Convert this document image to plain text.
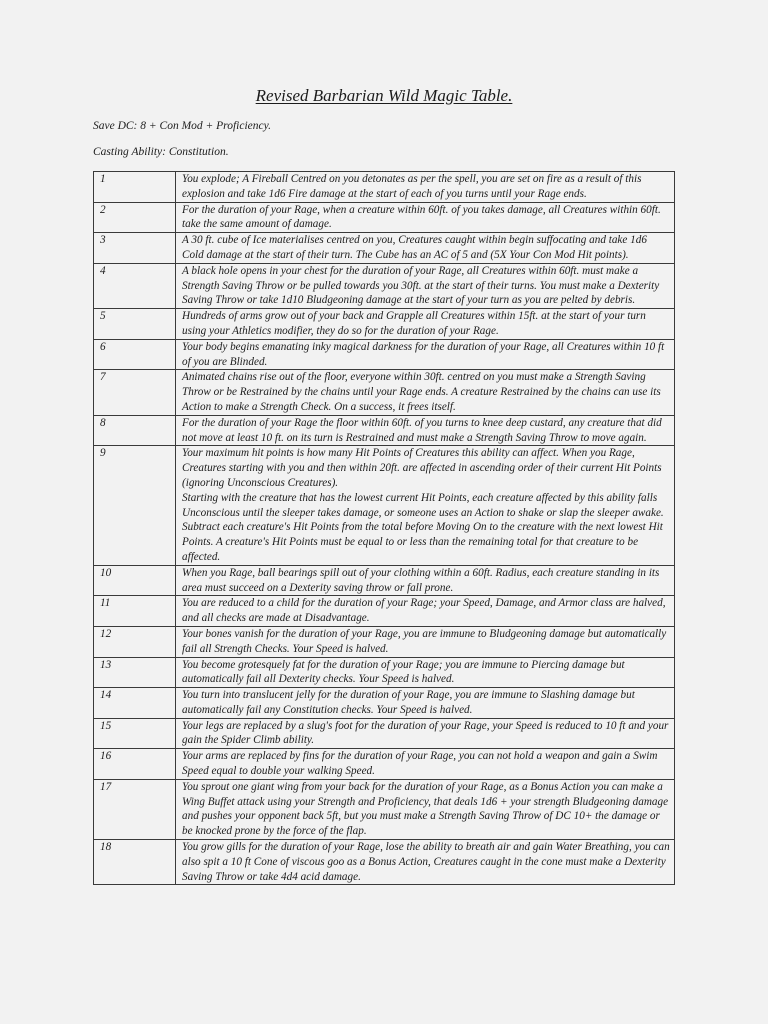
Revised Barbarian Wild Magic Table.
Save DC: 8 + Con Mod + Proficiency.
Casting Ability: Constitution.
1	You explode; A Fireball Centred on you detonates as per the spell, you are set on fire as a result of this explosion and take 1d6 Fire damage at the start of each of you turns until your Rage ends.

2	For the duration of your Rage, when a creature within 60ft. of you takes damage, all Creatures within 60ft. take the same amount of damage.

3	A 30 ft. cube of Ice materialises centred on you, Creatures caught within begin suffocating and take 1d6 Cold damage at the start of their turn. The Cube has an AC of 5 and (5X Your Con Mod Hit points).

4	A black hole opens in your chest for the duration of your Rage, all Creatures within 60ft. must make a Strength Saving Throw or be pulled towards you 30ft. at the start of their turns. You must make a Dexterity Saving Throw or take 1d10 Bludgeoning damage at the start of your turn as you are pelted by debris.

5	Hundreds of arms grow out of your back and Grapple all Creatures within 15ft. at the start of your turn using your Athletics modifier, they do so for the duration of your Rage.

6	Your body begins emanating inky magical darkness for the duration of your Rage, all Creatures within 10 ft of you are Blinded.

7	Animated chains rise out of the floor, everyone within 30ft. centred on you must make a Strength Saving Throw or be Restrained by the chains until your Rage ends. A creature Restrained by the chains can use its Action to make a Strength Check. On a success, it frees itself.

8	For the duration of your Rage the floor within 60ft. of you turns to knee deep custard, any creature that did not move at least 10 ft. on its turn is Restrained and must make a Strength Saving Throw to move again.

9	Your maximum hit points is how many Hit Points of Creatures this ability can affect. When you Rage, Creatures starting with you and then within 20ft. are affected in ascending order of their current Hit Points (ignoring Unconscious Creatures).
Starting with the creature that has the lowest current Hit Points, each creature affected by this ability falls Unconscious until the sleeper takes damage, or someone uses an Action to shake or slap the sleeper awake. Subtract each creature's Hit Points from the total before Moving On to the creature with the next lowest Hit Points. A creature's Hit Points must be equal to or less than the remaining total for that creature to be affected.

10	When you Rage, ball bearings spill out of your clothing within a 60ft. Radius, each creature standing in its area must succeed on a Dexterity saving throw or fall prone.

11	You are reduced to a child for the duration of your Rage; your Speed, Damage, and Armor class are halved, and all checks are made at Disadvantage.

12	Your bones vanish for the duration of your Rage, you are immune to Bludgeoning damage but automatically fail all Strength Checks. Your Speed is halved.

13	You become grotesquely fat for the duration of your Rage; you are immune to Piercing damage but automatically fail all Dexterity checks. Your Speed is halved.

14	You turn into translucent jelly for the duration of your Rage, you are immune to Slashing damage but automatically fail any Constitution checks. Your Speed is halved.

15	Your legs are replaced by a slug's foot for the duration of your Rage, your Speed is reduced to 10 ft and your gain the Spider Climb ability.

16	Your arms are replaced by fins for the duration of your Rage, you can not hold a weapon and gain a Swim Speed equal to double your walking Speed.

17	You sprout one giant wing from your back for the duration of your Rage, as a Bonus Action you can make a Wing Buffet attack using your Strength and Proficiency, that deals 1d6 + your strength Bludgeoning damage and pushes your opponent back 5ft, but you must make a Strength Saving Throw of DC 10+ the damage or be knocked prone by the force of the flap.

18	You grow gills for the duration of your Rage, lose the ability to breath air and gain Water Breathing, you can also spit a 10 ft Cone of viscous goo as a Bonus Action, Creatures caught in the cone must make a Dexterity Saving Throw or take 4d4 acid damage.
